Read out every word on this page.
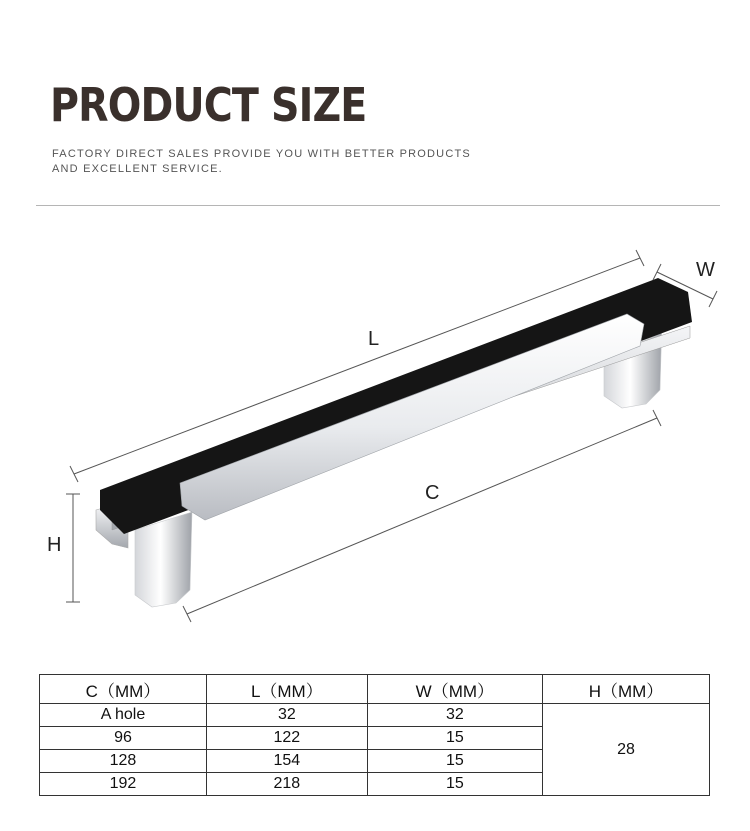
PRODUCT SIZE
FACTORY DIRECT SALES PROVIDE YOU WITH BETTER PRODUCTS AND EXCELLENT SERVICE.
L
W
H
C
C（MM）	L（MM）	W（MM）	H（MM）
A hole	32	32	28
96	122	15	
128	154	15	
192	218	15	
